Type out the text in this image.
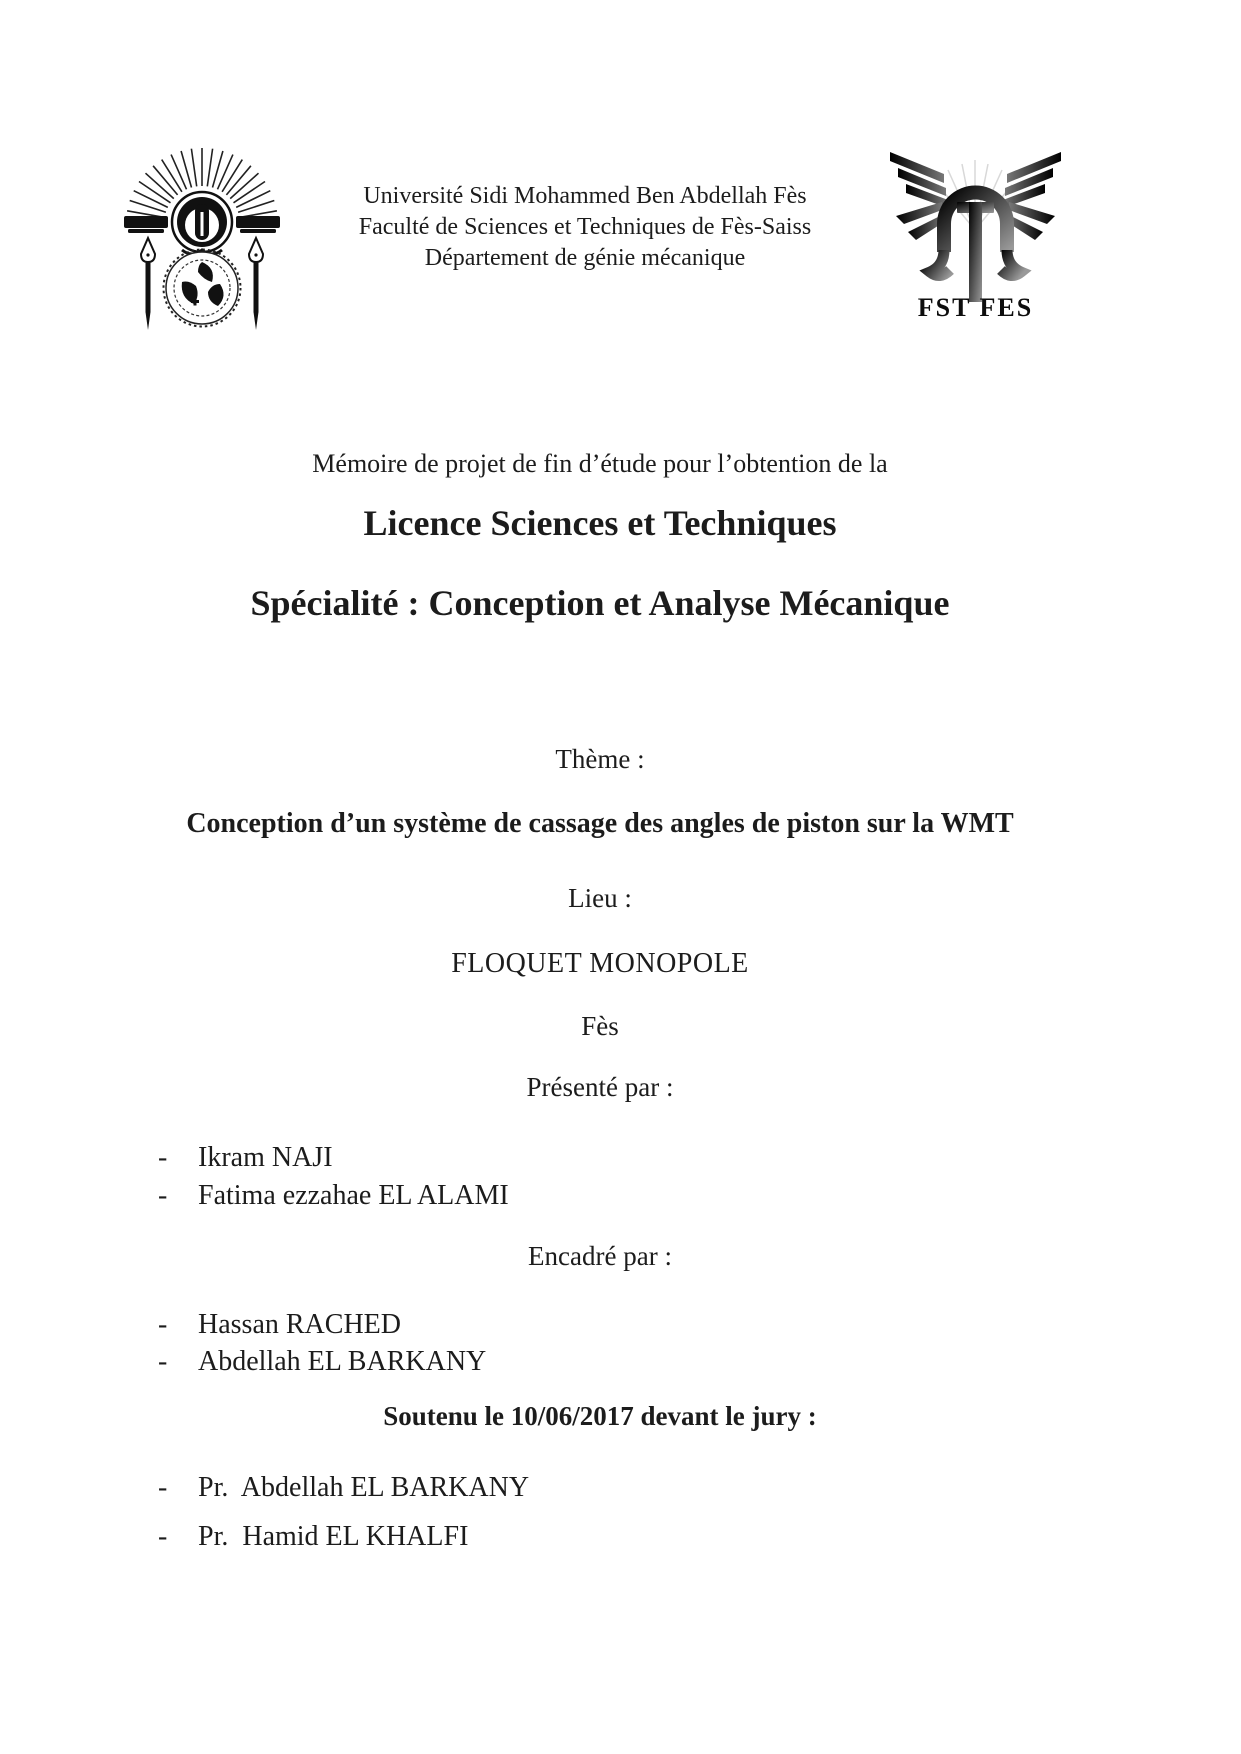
Université Sidi Mohammed Ben Abdellah Fès
Faculté de Sciences et Techniques de Fès-Saiss
Département de génie mécanique
FST FES
Mémoire de projet de fin d’étude pour l’obtention de la
Licence Sciences et Techniques
Spécialité : Conception et Analyse Mécanique
Thème :
Conception d’un système de cassage des angles de piston sur la WMT
Lieu :
FLOQUET MONOPOLE
Fès
Présenté par :
- Ikram NAJI
- Fatima ezzahae EL ALAMI
Encadré par :
- Hassan RACHED
- Abdellah EL BARKANY
Soutenu le 10/06/2017 devant le jury :
- Pr.  Abdellah EL BARKANY
- Pr.  Hamid EL KHALFI
